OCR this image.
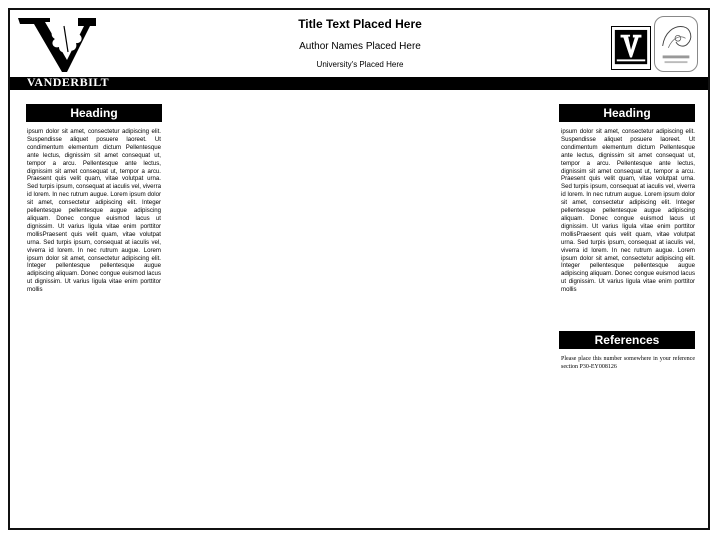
VANDERBILT
Title Text Placed Here
Author Names Placed Here
University's Placed Here
Heading
ipsum dolor sit amet, consectetur adipiscing elit. Suspendisse aliquet posuere laoreet. Ut condimentum elementum dictum Pellentesque ante lectus, dignissim sit amet consequat ut, tempor a arcu. Pellentesque ante lectus, dignissim sit amet consequat ut, tempor a arcu. Praesent quis velit quam, vitae volutpat urna. Sed turpis ipsum, consequat at iaculis vel, viverra id lorem. In nec rutrum augue. Lorem ipsum dolor sit amet, consectetur adipiscing elit. Integer pellentesque pellentesque augue adipiscing aliquam. Donec congue euismod lacus ut dignissim. Ut varius ligula vitae enim porttitor mollisPraesent quis velit quam, vitae volutpat urna. Sed turpis ipsum, consequat at iaculis vel, viverra id lorem. In nec rutrum augue. Lorem ipsum dolor sit amet, consectetur adipiscing elit. Integer pellentesque pellentesque augue adipiscing aliquam. Donec congue euismod lacus ut dignissim. Ut varius ligula vitae enim porttitor mollis
Heading
ipsum dolor sit amet, consectetur adipiscing elit. Suspendisse aliquet posuere laoreet. Ut condimentum elementum dictum Pellentesque ante lectus, dignissim sit amet consequat ut, tempor a arcu. Pellentesque ante lectus, dignissim sit amet consequat ut, tempor a arcu. Praesent quis velit quam, vitae volutpat urna. Sed turpis ipsum, consequat at iaculis vel, viverra id lorem. In nec rutrum augue. Lorem ipsum dolor sit amet, consectetur adipiscing elit. Integer pellentesque pellentesque augue adipiscing aliquam. Donec congue euismod lacus ut dignissim. Ut varius ligula vitae enim porttitor mollisPraesent quis velit quam, vitae volutpat urna. Sed turpis ipsum, consequat at iaculis vel, viverra id lorem. In nec rutrum augue. Lorem ipsum dolor sit amet, consectetur adipiscing elit. Integer pellentesque pellentesque augue adipiscing aliquam. Donec congue euismod lacus ut dignissim. Ut varius ligula vitae enim porttitor mollis
References
Please place this number somewhere in your reference section P30-EY008126
